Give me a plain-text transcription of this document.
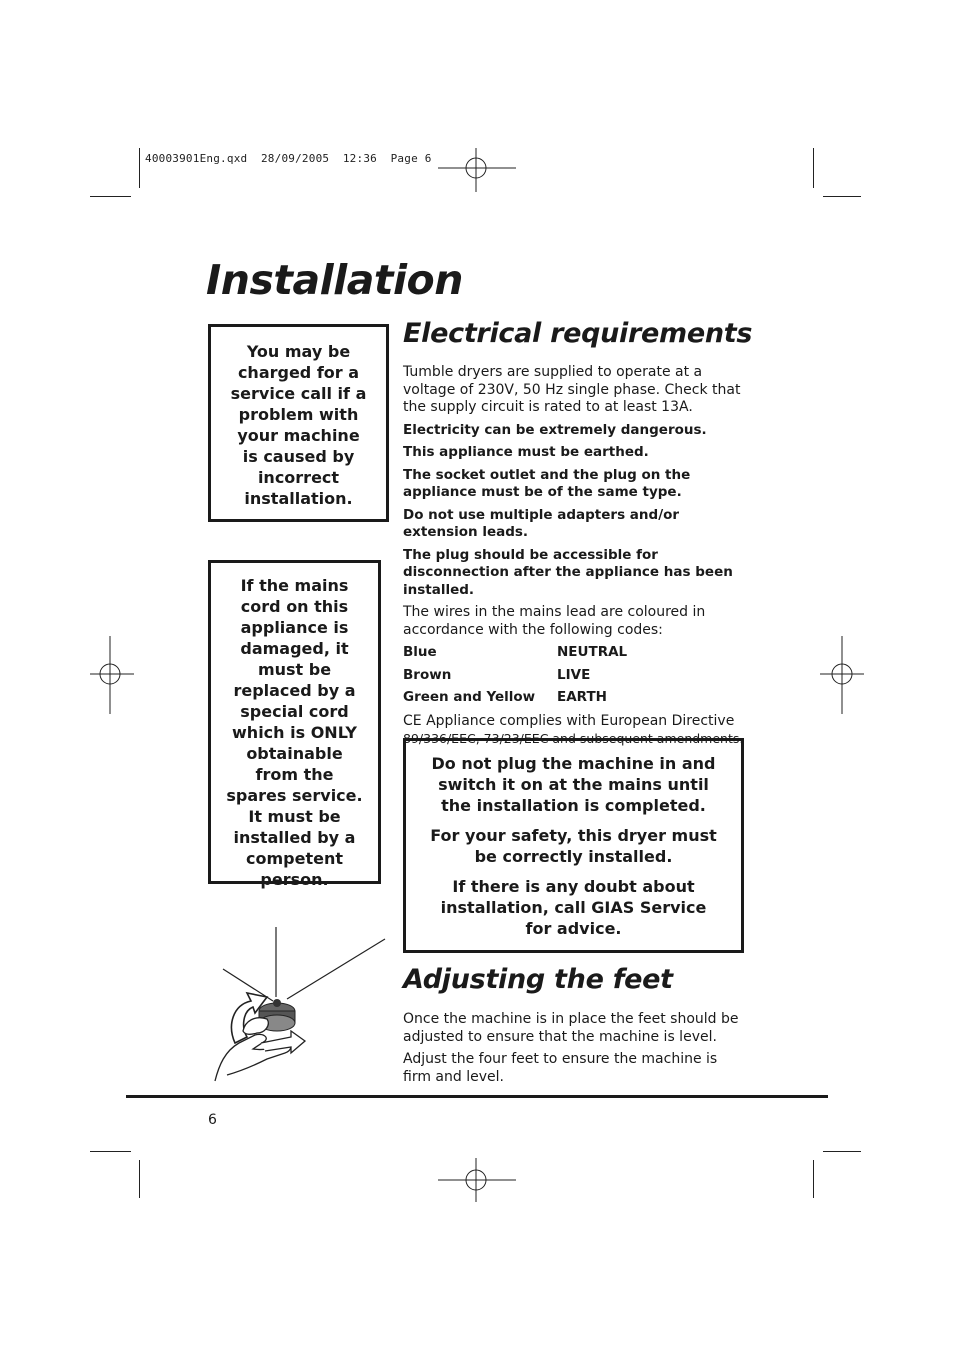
40003901Eng.qxd  28/09/2005  12:36  Page 6
Installation

You may be charged for a service call if a problem with your machine is caused by incorrect installation.

If the mains cord on this appliance is damaged, it must be replaced by a special cord which is ONLY obtainable from the spares service. It must be installed by a competent person.

Electrical requirements

Tumble dryers are supplied to operate at a voltage of 230V, 50 Hz single phase. Check that the supply circuit is rated to at least 13A.

Electricity can be extremely dangerous.

This appliance must be earthed.

The socket outlet and the plug on the appliance must be of the same type.

Do not use multiple adapters and/or extension leads.

The plug should be accessible for disconnection after the appliance has been installed.

The wires in the mains lead are coloured in accordance with the following codes:

Blue	NEUTRAL
Brown	LIVE
Green and Yellow	EARTH
CE Appliance complies with European Directive
89/336/EEC, 73/23/EEC and subsequent amendments.

Do not plug the machine in and switch it on at the mains until the installation is completed.

For your safety, this dryer must be correctly installed.

If there is any doubt about installation, call GIAS Service for advice.

Adjusting the feet

Once the machine is in place the feet should be adjusted to ensure that the machine is level.

Adjust the four feet to ensure the machine is firm and level.

6
